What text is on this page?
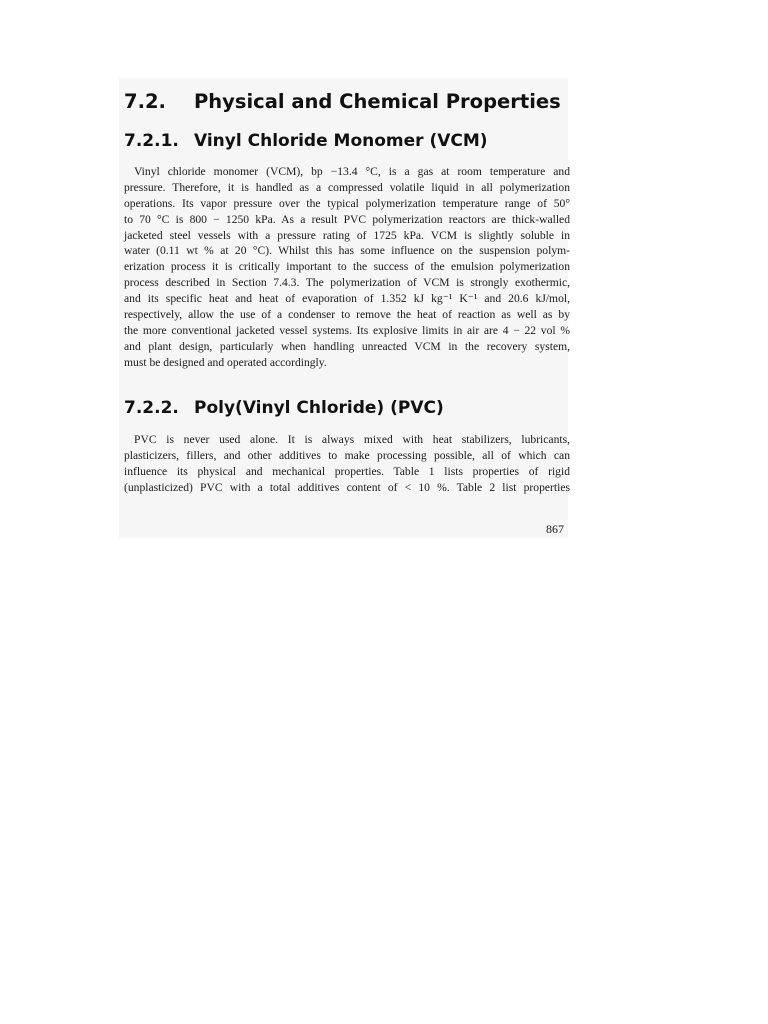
7.2. Physical and Chemical Properties
7.2.1. Vinyl Chloride Monomer (VCM)
Vinyl chloride monomer (VCM), bp −13.4 °C, is a gas at room temperature and
pressure. Therefore, it is handled as a compressed volatile liquid in all polymerization
operations. Its vapor pressure over the typical polymerization temperature range of 50°
to 70 °C is 800 − 1250 kPa. As a result PVC polymerization reactors are thick-walled
jacketed steel vessels with a pressure rating of 1725 kPa. VCM is slightly soluble in
water (0.11 wt % at 20 °C). Whilst this has some influence on the suspension polym-
erization process it is critically important to the success of the emulsion polymerization
process described in Section 7.4.3. The polymerization of VCM is strongly exothermic,
and its specific heat and heat of evaporation of 1.352 kJ kg⁻¹ K⁻¹ and 20.6 kJ/mol,
respectively, allow the use of a condenser to remove the heat of reaction as well as by
the more conventional jacketed vessel systems. Its explosive limits in air are 4 − 22 vol %
and plant design, particularly when handling unreacted VCM in the recovery system,
must be designed and operated accordingly.
7.2.2. Poly(Vinyl Chloride) (PVC)
PVC is never used alone. It is always mixed with heat stabilizers, lubricants,
plasticizers, fillers, and other additives to make processing possible, all of which can
influence its physical and mechanical properties. Table 1 lists properties of rigid
(unplasticized) PVC with a total additives content of < 10 %. Table 2 list properties
867
